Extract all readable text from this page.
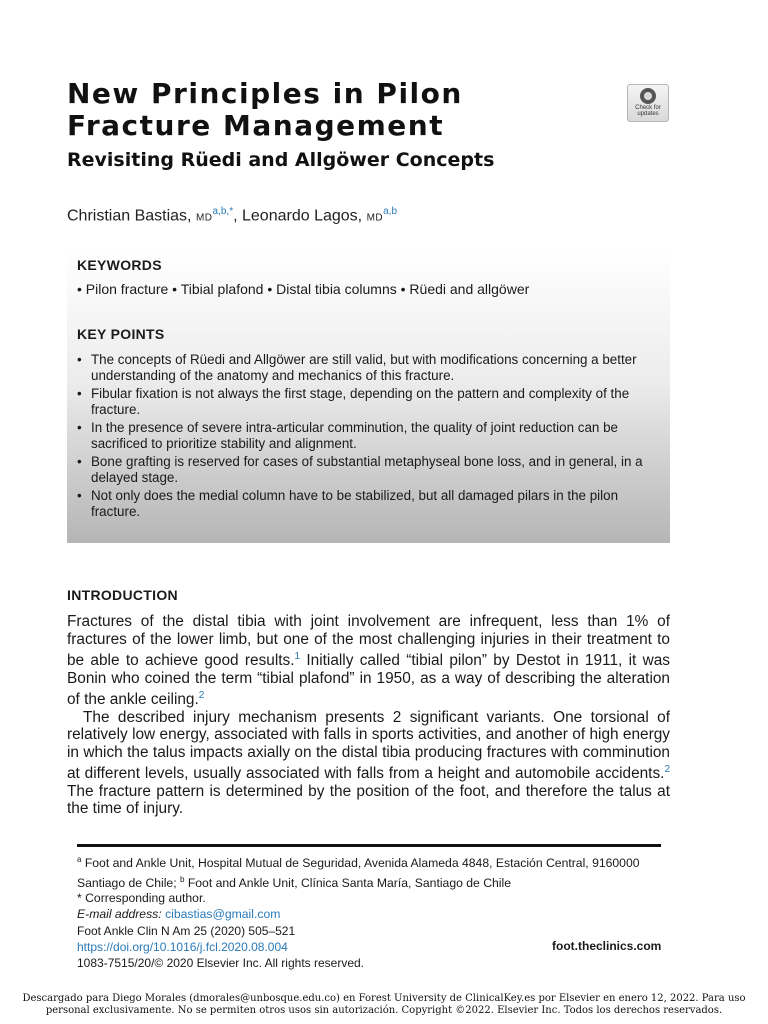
New Principles in Pilon
Fracture Management
Revisiting Rüedi and Allgöwer Concepts
Check for
updates
Christian Bastias, $MD^{a,b,*}$, Leonardo Lagos, MD$^{a,b}$
KEYWORDS
• Pilon fracture • Tibial plafond • Distal tibia columns • Rüedi and allgöwer
KEY POINTS
• The concepts of Rüedi and Allgöwer are still valid, but with modifications concerning a better understanding of the anatomy and mechanics of this fracture.
• Fibular fixation is not always the first stage, depending on the pattern and complexity of the fracture.
• In the presence of severe intra-articular comminution, the quality of joint reduction can be sacrificed to prioritize stability and alignment.
• Bone grafting is reserved for cases of substantial metaphyseal bone loss, and in general, in a delayed stage.
• Not only does the medial column have to be stabilized, but all damaged pilars in the pilon fracture.
INTRODUCTION

Fractures of the distal tibia with joint involvement are infrequent, less than 1% of fractures of the lower limb, but one of the most challenging injuries in their treatment to be able to achieve good results.$^1$ Initially called “tibial pilon” by Destot in 1911, it was Bonin who coined the term “tibial plafond” in 1950, as a way of describing the alteration of the ankle ceiling.$^2$

The described injury mechanism presents 2 significant variants. One torsional of relatively low energy, associated with falls in sports activities, and another of high energy in which the talus impacts axially on the distal tibia producing fractures with comminution at different levels, usually associated with falls from a height and automobile accidents.$^2$ The fracture pattern is determined by the position of the foot, and therefore the talus at the time of injury.

$^a$ Foot and Ankle Unit, Hospital Mutual de Seguridad, Avenida Alameda 4848, Estación Central, 9160000 Santiago de Chile; $^b$ Foot and Ankle Unit, Clínica Santa María, Santiago de Chile
* Corresponding author.
E-mail address: cibastias@gmail.com
Foot Ankle Clin N Am 25 (2020) 505–521
https://doi.org/10.1016/j.fcl.2020.08.004
1083-7515/20/© 2020 Elsevier Inc. All rights reserved.
foot.theclinics.com
Descargado para Diego Morales (dmorales@unbosque.edu.co) en Forest University de ClinicalKey.es por Elsevier en enero 12, 2022. Para uso
personal exclusivamente. No se permiten otros usos sin autorización. Copyright ©2022. Elsevier Inc. Todos los derechos reservados.
